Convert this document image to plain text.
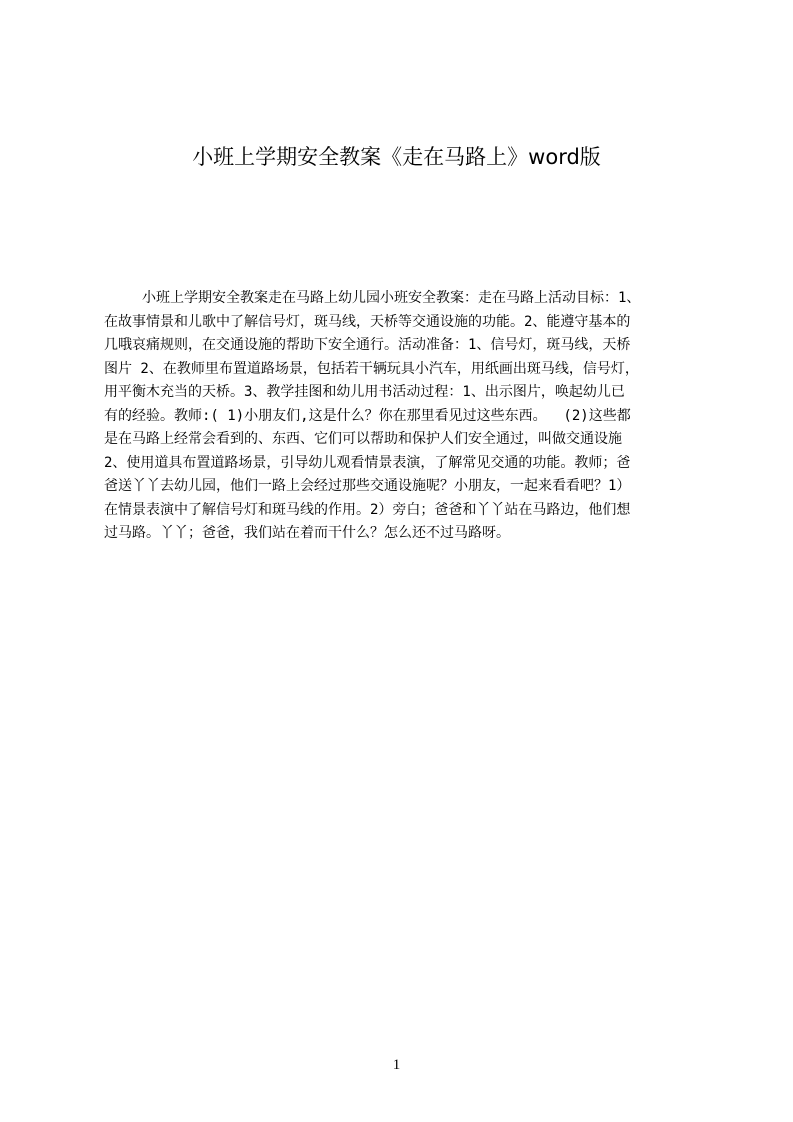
小班上学期安全教案《走在马路上》word版
小班上学期安全教案走在马路上幼儿园小班安全教案：走在马路上活动目标：1、
在故事情景和儿歌中了解信号灯，斑马线，天桥等交通设施的功能。2、能遵守基本的
几哦哀痛规则，在交通设施的帮助下安全通行。活动准备：1、信号灯，斑马线，天桥
图片 2、在教师里布置道路场景，包括若干辆玩具小汽车，用纸画出斑马线，信号灯，
用平衡木充当的天桥。3、教学挂图和幼儿用书活动过程：1、出示图片，唤起幼儿已
有的经验。教师:( 1)小朋友们,这是什么？你在那里看见过这些东西。  (2)这些都
是在马路上经常会看到的、东西、它们可以帮助和保护人们安全通过，叫做交通设施
2、使用道具布置道路场景，引导幼儿观看情景表演，了解常见交通的功能。教师；爸
爸送丫丫去幼儿园，他们一路上会经过那些交通设施呢？小朋友，一起来看看吧？1）
在情景表演中了解信号灯和斑马线的作用。2）旁白；爸爸和丫丫站在马路边，他们想
过马路。丫丫；爸爸，我们站在着而干什么？怎么还不过马路呀。
1
